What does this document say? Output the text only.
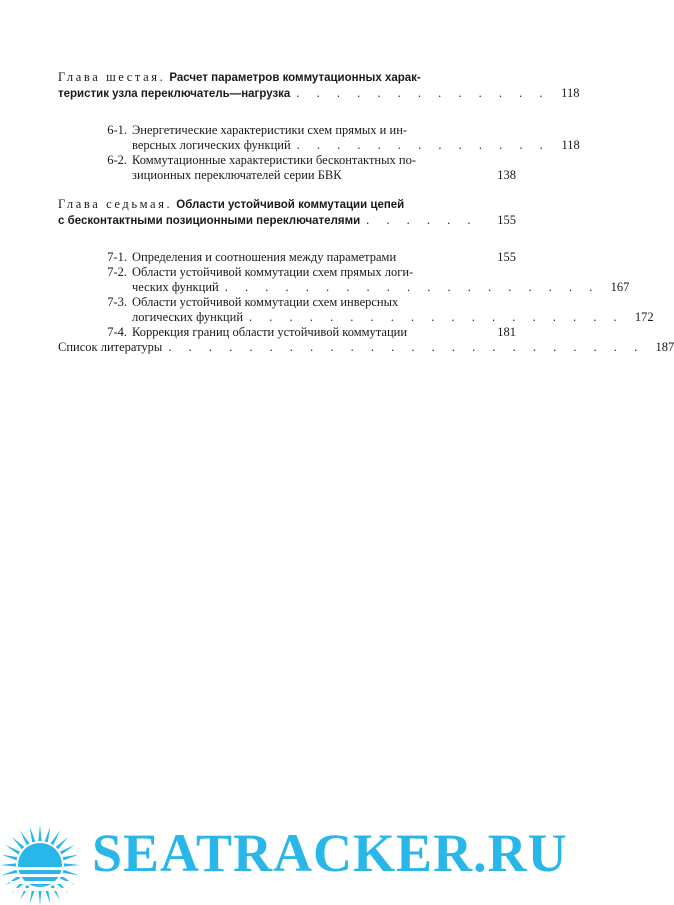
Глава шестая. Расчет параметров коммутационных харак-
теристик узла переключатель—нагрузка . . . . . . . . . . . . . 118
6-1. Энергетические характеристики схем прямых и ин-
версных логических функций . . . . . . . . . . . . . 118
6-2. Коммутационные характеристики бесконтактных по-
зиционных переключателей серии БВК	138
Глава седьмая. Области устойчивой коммутации цепей
с бесконтактными позиционными переключателями . . . . . .	155
7-1. Определения и соотношения между параметрами	155
7-2. Области устойчивой коммутации схем прямых логи-
ческих функций . . . . . . . . . . . . . . . . . . . 167
7-3. Области устойчивой коммутации схем инверсных
логических функций . . . . . . . . . . . . . . . . . . . 172
7-4. Коррекция границ области устойчивой коммутации	181
Список литературы . . . . . . . . . . . . . . . . . . . . . . . . 187
SEATRACKER.RU
